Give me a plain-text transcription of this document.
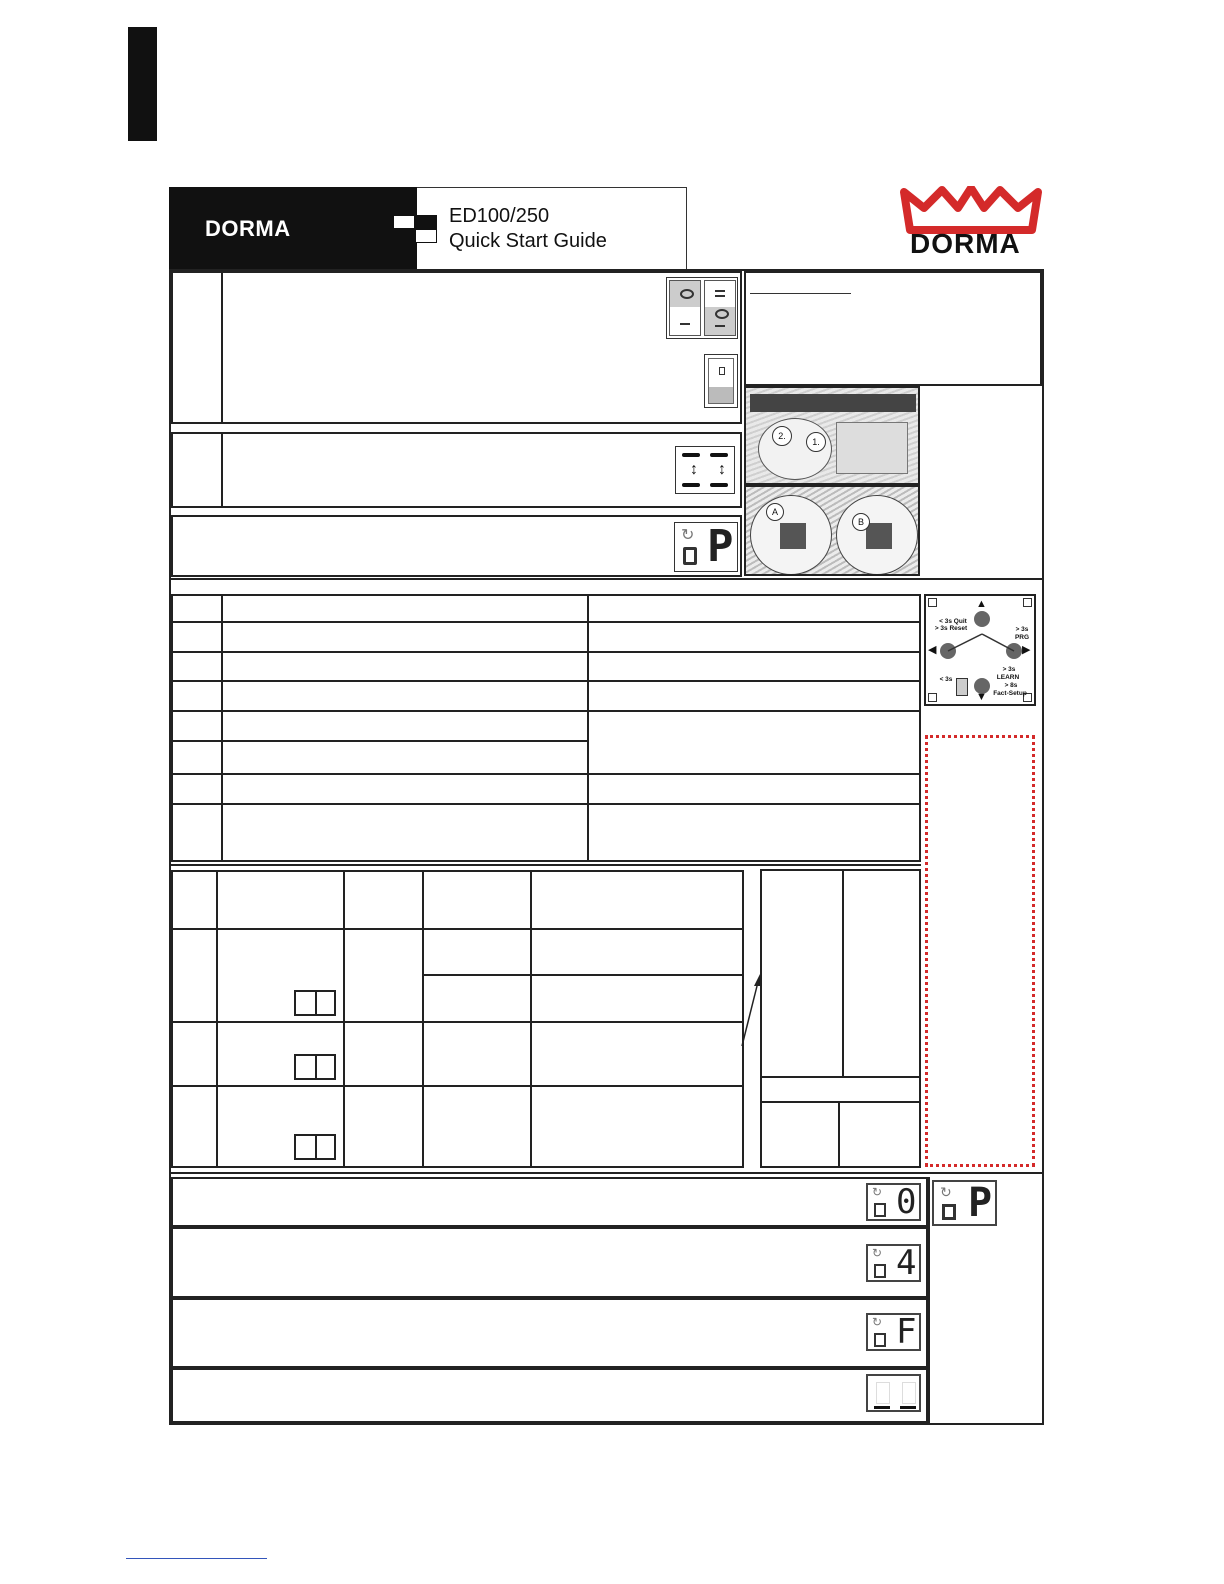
DORMA	ED100/250
Quick Start Guide	DORMA
↕ ↕
↻ P
1.
2.
A
B
▲
◀	▶
▼
< 3s Quit
> 3s Reset	> 3s
PRG
> 3s
LEARN
> 8s
Fact-Setup
< 3s
↻ 0
↻ 4
↻ F
↻ P
